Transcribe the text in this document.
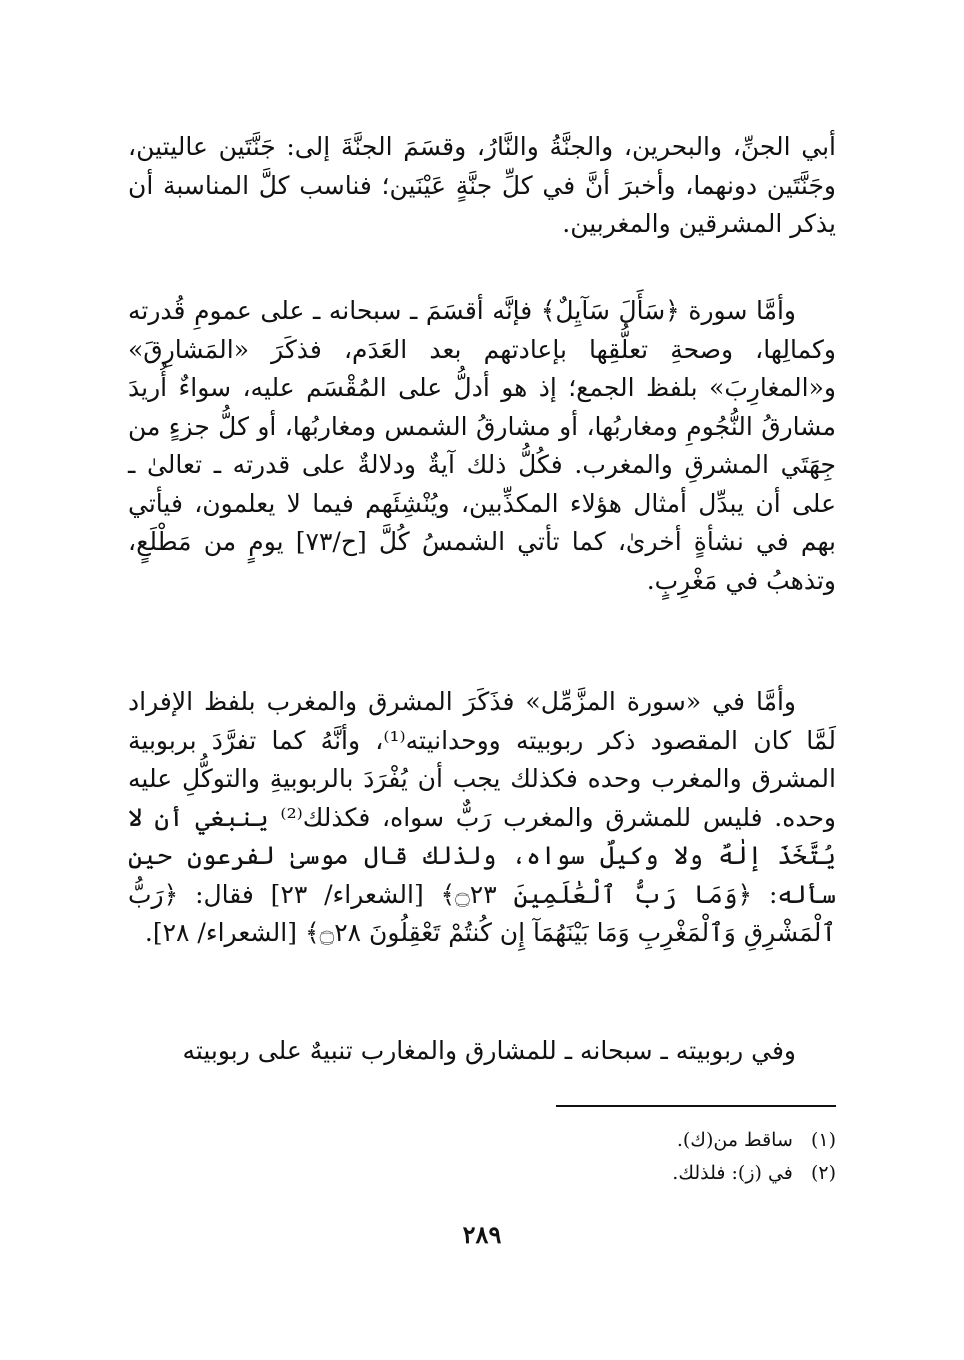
أبي الجنِّ، والبحرين، والجنَّةُ والنَّارُ، وقسَمَ الجنَّةَ إلى: جَنَّتَين عاليتين، وجَنَّتَين دونهما، وأخبرَ أنَّ في كلِّ جنَّةٍ عَيْنَين؛ فناسب كلَّ المناسبة أن يذكر المشرقين والمغربين.

وأمَّا سورة ﴿سَأَلَ سَآيِلٌ﴾ فإنَّه أقسَمَ ـ سبحانه ـ على عمومِ قُدرته وكمالِها، وصحةِ تعلُّقِها بإعادتهم بعد العَدَم، فذكَرَ «المَشارِقَ» و«المغارِبَ» بلفظ الجمع؛ إذ هو أدلُّ على المُقْسَم عليه، سواءٌ أُريدَ مشارقُ النُّجُومِ ومغاربُها، أو مشارقُ الشمس ومغاربُها، أو كلُّ جزءٍ من جِهَتَي المشرقِ والمغرب. فكُلُّ ذلك آيةٌ ودلالةٌ على قدرته ـ تعالىٰ ـ على أن يبدِّل أمثال هؤلاء المكذِّبين، ويُنْشِئَهم فيما لا يعلمون، فيأتي بهم في نشأةٍ أخرىٰ، كما تأتي الشمسُ كُلَّ [ح/٧٣] يومٍ من مَطْلَعٍ، وتذهبُ في مَغْرِبٍ.

وأمَّا في «سورة المزَّمِّل» فذَكَرَ المشرق والمغرب بلفظ الإفراد لَمَّا كان المقصود ذكر ربوبيته ووحدانيته⁽¹⁾، وأنَّهُ كما تفرَّدَ بربوبية المشرق والمغرب وحده فكذلك يجب أن يُفْرَدَ بالربوبيةِ والتوكُّلِ عليه وحده. فليس للمشرق والمغرب رَبٌّ سواه، فكذلك⁽²⁾ ينبغي أن لا يُتَّخَذَ إلٰهٌ ولا وكيلٌ سواه، ولذلك قال موسىٰ لفرعون حين سأله: ﴿وَمَا رَبُّ ٱلْعَٰلَمِينَ ۝٢٣﴾ [الشعراء/ ٢٣] فقال: ﴿رَبُّ ٱلْمَشْرِقِ وَٱلْمَغْرِبِ وَمَا بَيْنَهُمَآ إِن كُنتُمْ تَعْقِلُونَ ۝٢٨﴾ [الشعراء/ ٢٨].

وفي ربوبيته ـ سبحانه ـ للمشارق والمغارب تنبيهٌ على ربوبيته

(١) ساقط من(ك).

(٢) في (ز): فلذلك.

٢٨٩
